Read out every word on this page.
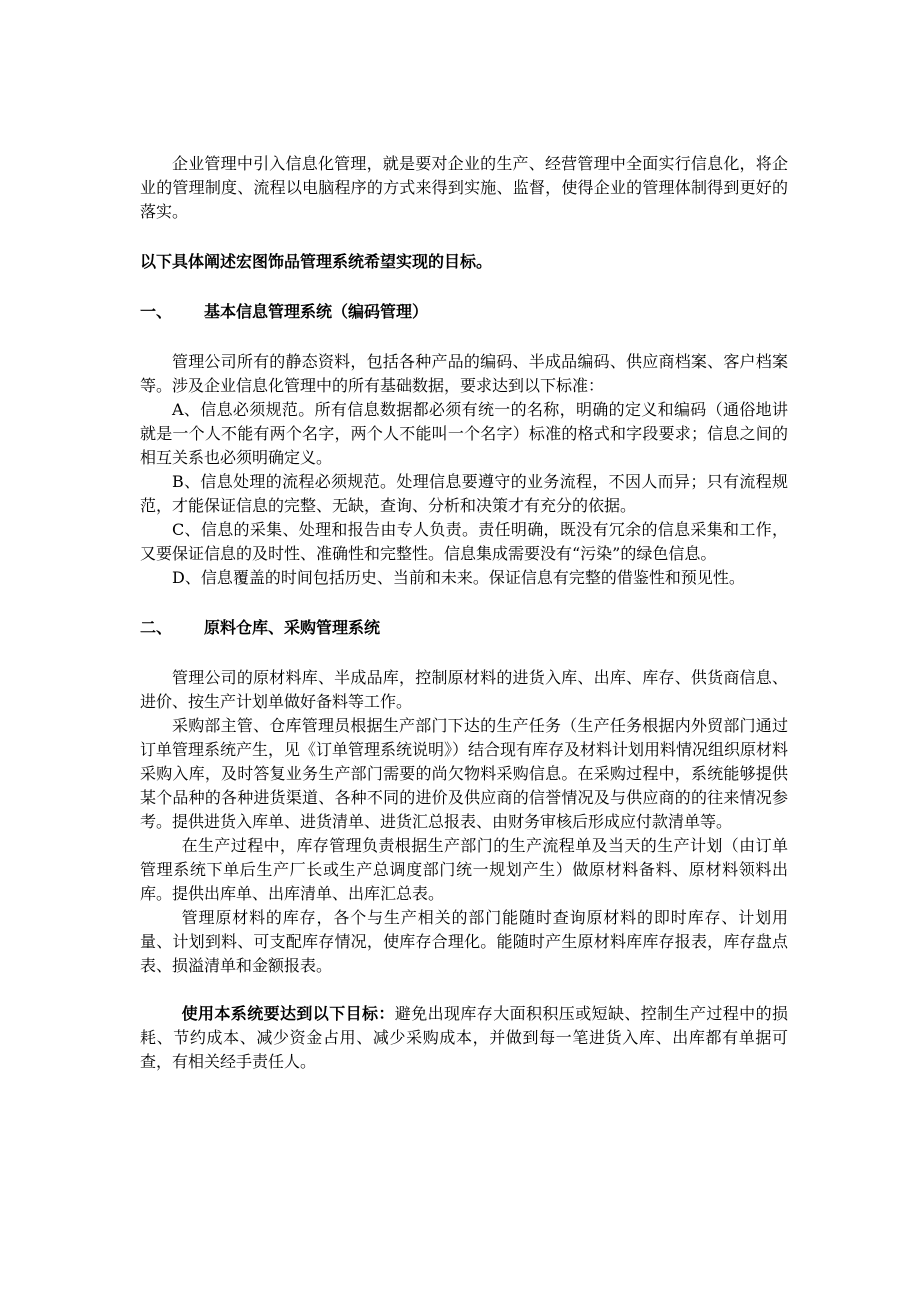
企业管理中引入信息化管理，就是要对企业的生产、经营管理中全面实行信息化，将企业的管理制度、流程以电脑程序的方式来得到实施、监督，使得企业的管理体制得到更好的落实。

以下具体阐述宏图饰品管理系统希望实现的目标。

一、	基本信息管理系统（编码管理）

管理公司所有的静态资料，包括各种产品的编码、半成品编码、供应商档案、客户档案等。涉及企业信息化管理中的所有基础数据，要求达到以下标准：

A、信息必须规范。所有信息数据都必须有统一的名称，明确的定义和编码（通俗地讲就是一个人不能有两个名字，两个人不能叫一个名字）标准的格式和字段要求；信息之间的相互关系也必须明确定义。

B、信息处理的流程必须规范。处理信息要遵守的业务流程，不因人而异；只有流程规范，才能保证信息的完整、无缺，查询、分析和决策才有充分的依据。

C、信息的采集、处理和报告由专人负责。责任明确，既没有冗余的信息采集和工作，又要保证信息的及时性、准确性和完整性。信息集成需要没有“污染”的绿色信息。

D、信息覆盖的时间包括历史、当前和未来。保证信息有完整的借鉴性和预见性。

二、	原料仓库、采购管理系统

管理公司的原材料库、半成品库，控制原材料的进货入库、出库、库存、供货商信息、进价、按生产计划单做好备料等工作。

采购部主管、仓库管理员根据生产部门下达的生产任务（生产任务根据内外贸部门通过订单管理系统产生，见《订单管理系统说明》）结合现有库存及材料计划用料情况组织原材料采购入库，及时答复业务生产部门需要的尚欠物料采购信息。在采购过程中，系统能够提供某个品种的各种进货渠道、各种不同的进价及供应商的信誉情况及与供应商的的往来情况参考。提供进货入库单、进货清单、进货汇总报表、由财务审核后形成应付款清单等。

在生产过程中，库存管理负责根据生产部门的生产流程单及当天的生产计划（由订单管理系统下单后生产厂长或生产总调度部门统一规划产生）做原材料备料、原材料领料出库。提供出库单、出库清单、出库汇总表。

管理原材料的库存，各个与生产相关的部门能随时查询原材料的即时库存、计划用量、计划到料、可支配库存情况，使库存合理化。能随时产生原材料库库存报表，库存盘点表、损溢清单和金额报表。

使用本系统要达到以下目标：避免出现库存大面积积压或短缺、控制生产过程中的损耗、节约成本、减少资金占用、减少采购成本，并做到每一笔进货入库、出库都有单据可查，有相关经手责任人。
